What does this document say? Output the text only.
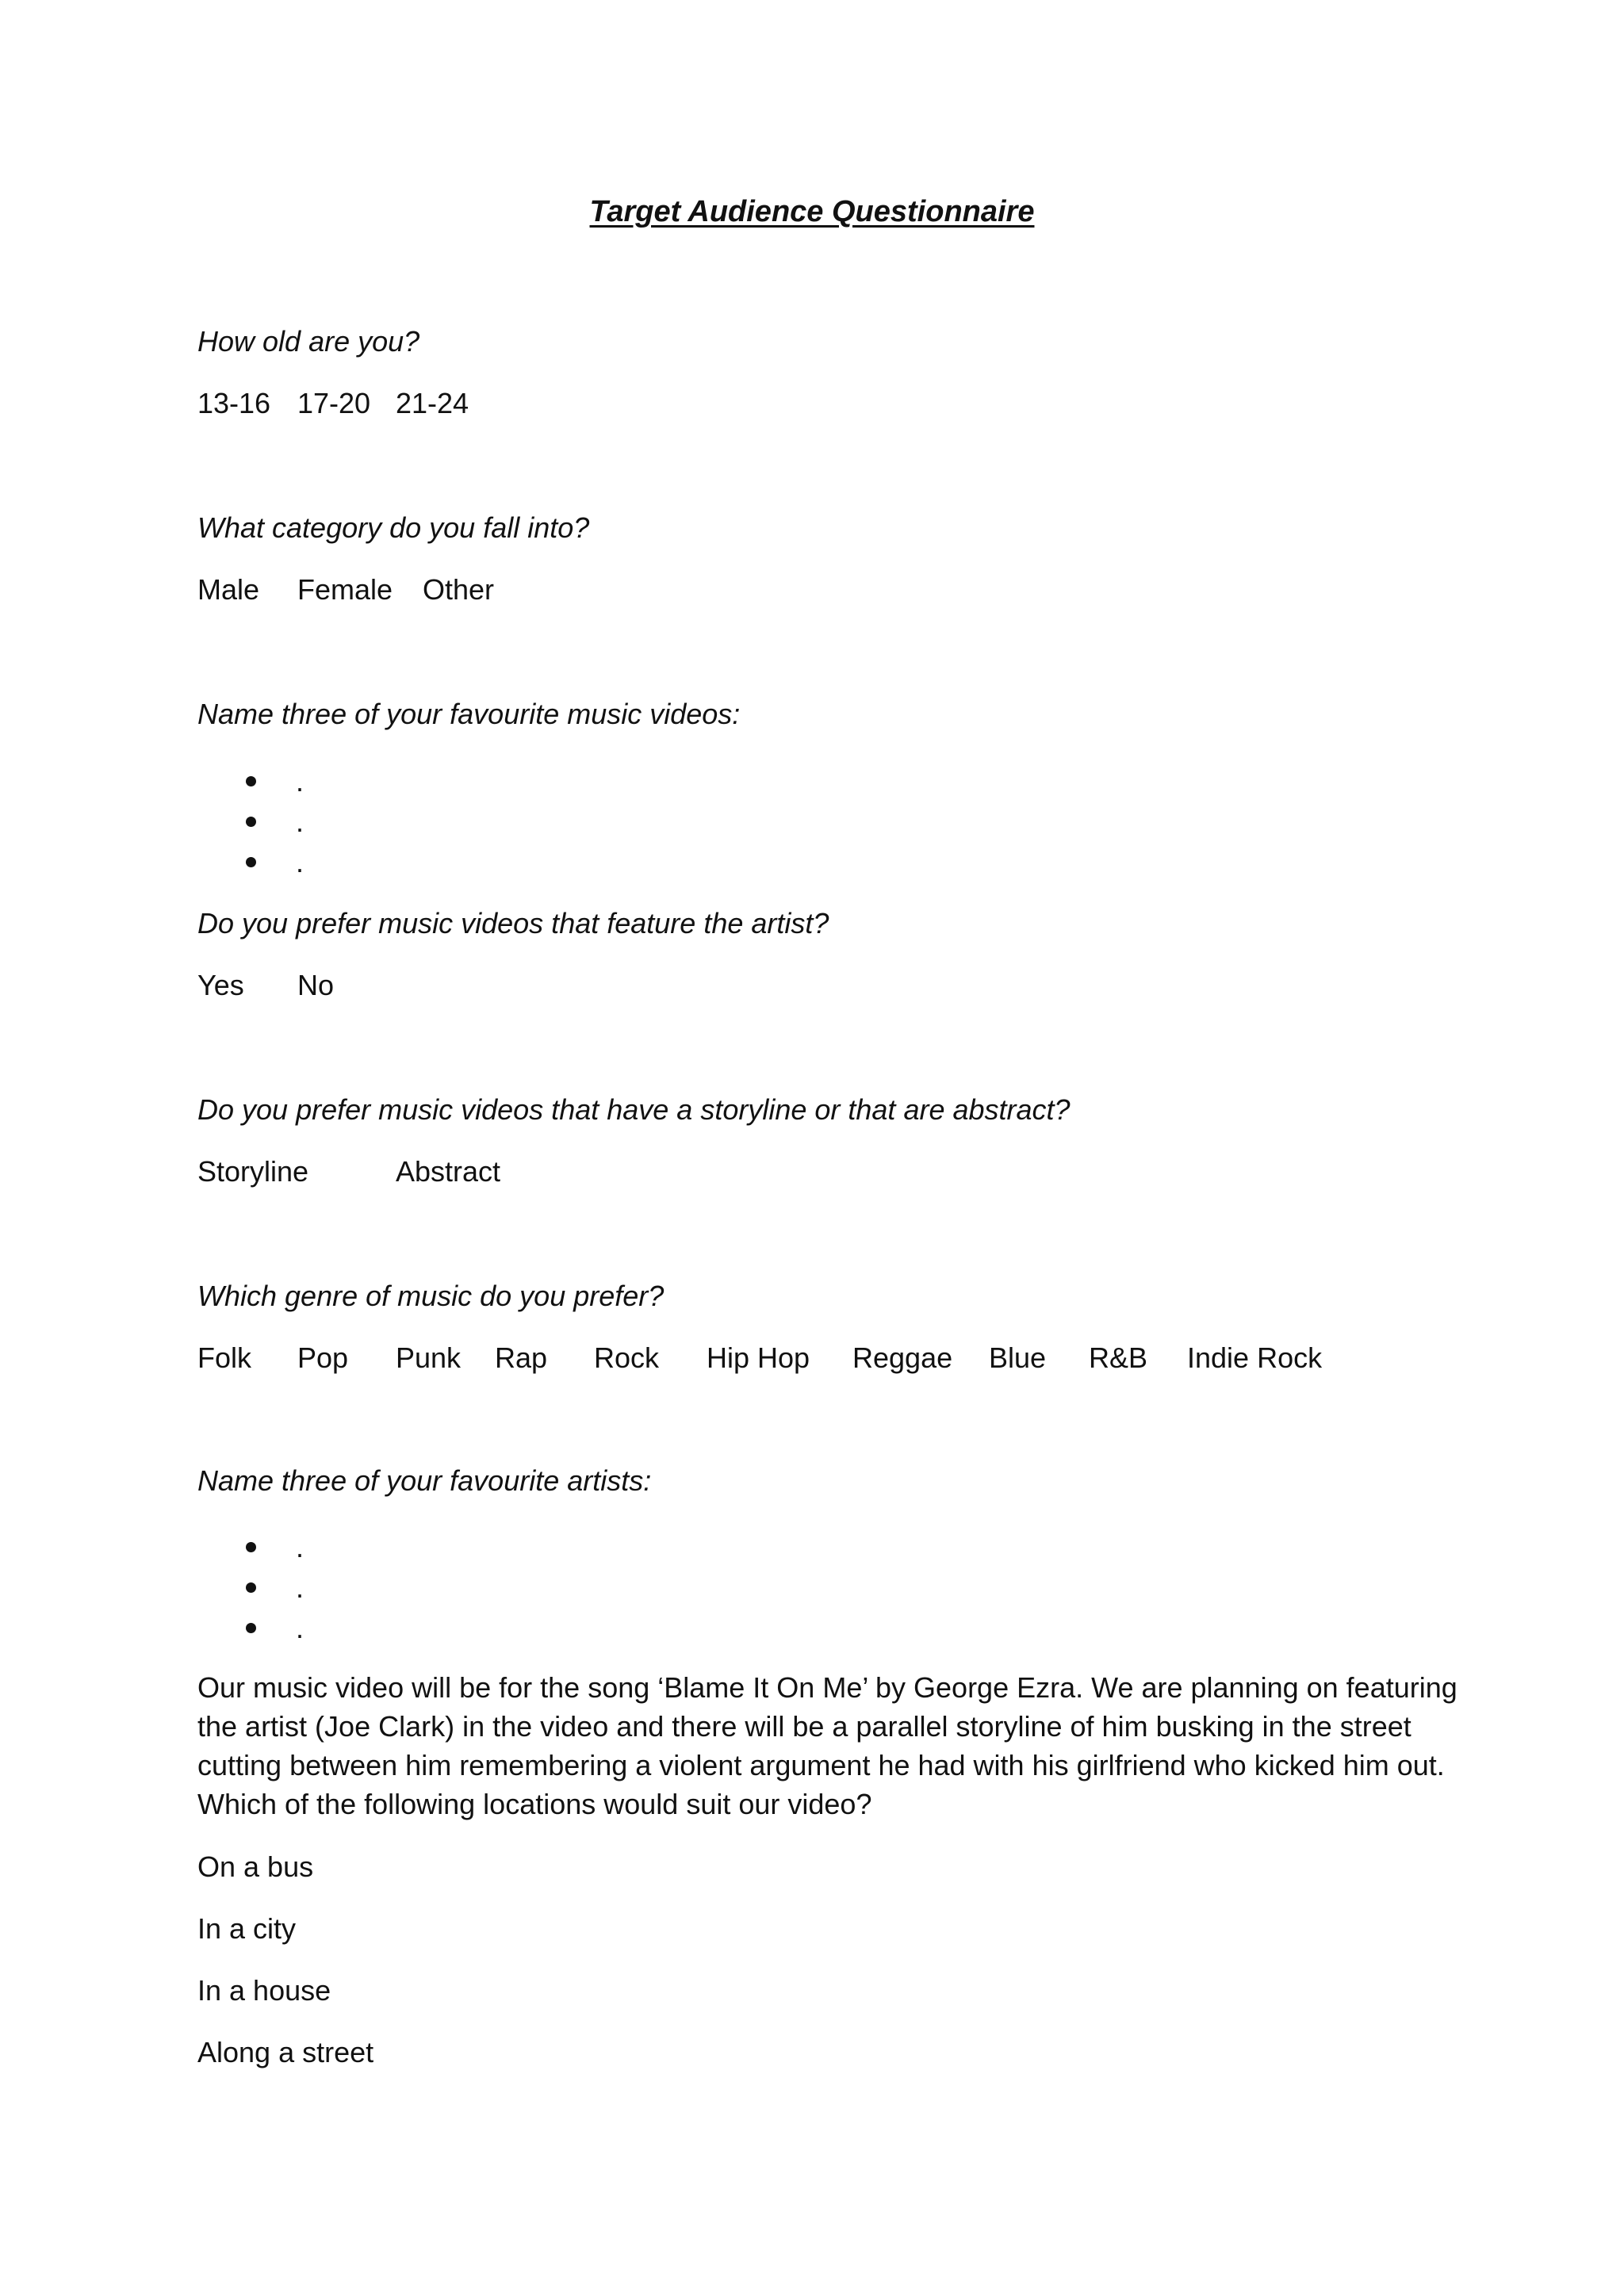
Target Audience Questionnaire
How old are you?
13-16 17-20 21-24
What category do you fall into?
Male Female Other
Name three of your favourite music videos:
.
.
.
Do you prefer music videos that feature the artist?
Yes No
Do you prefer music videos that have a storyline or that are abstract?
Storyline	Abstract
Which genre of music do you prefer?
Folk Pop Punk Rap Rock Hip Hop Reggae Blue R&B Indie Rock
Name three of your favourite artists:
.
.
.
Our music video will be for the song ‘Blame It On Me’ by George Ezra. We are planning on featuring
the artist (Joe Clark) in the video and there will be a parallel storyline of him busking in the street
cutting between him remembering a violent argument he had with his girlfriend who kicked him out.
Which of the following locations would suit our video?
On a bus
In a city
In a house
Along a street
